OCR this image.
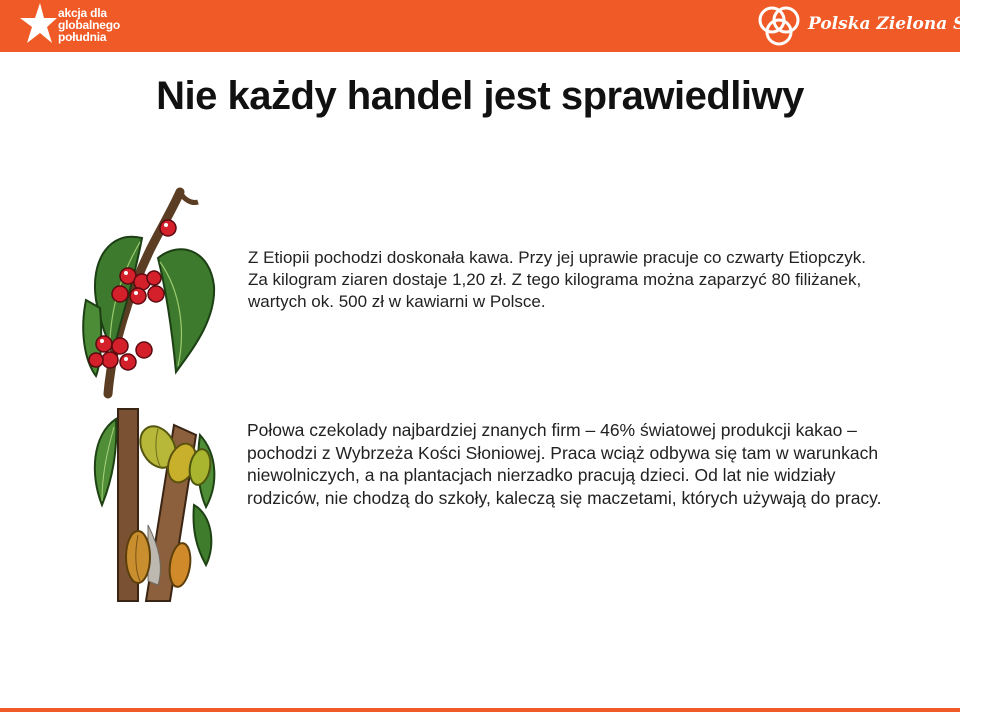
akcja dla
globalnego
południa
Polska Zielona Sieć
Nie każdy handel jest sprawiedliwy
Z Etiopii pochodzi doskonała kawa. Przy jej uprawie pracuje co czwarty Etiopczyk. Za kilogram ziaren dostaje 1,20 zł. Z tego kilograma można zaparzyć 80 filiżanek, wartych ok. 500 zł w kawiarni w Polsce.
Połowa czekolady najbardziej znanych firm – 46% światowej produkcji kakao – pochodzi z Wybrzeża Kości Słoniowej. Praca wciąż odbywa się tam w warunkach niewolniczych, a na plantacjach nierzadko pracują dzieci. Od lat nie widziały rodziców, nie chodzą do szkoły, kaleczą się maczetami, których używają do pracy.
